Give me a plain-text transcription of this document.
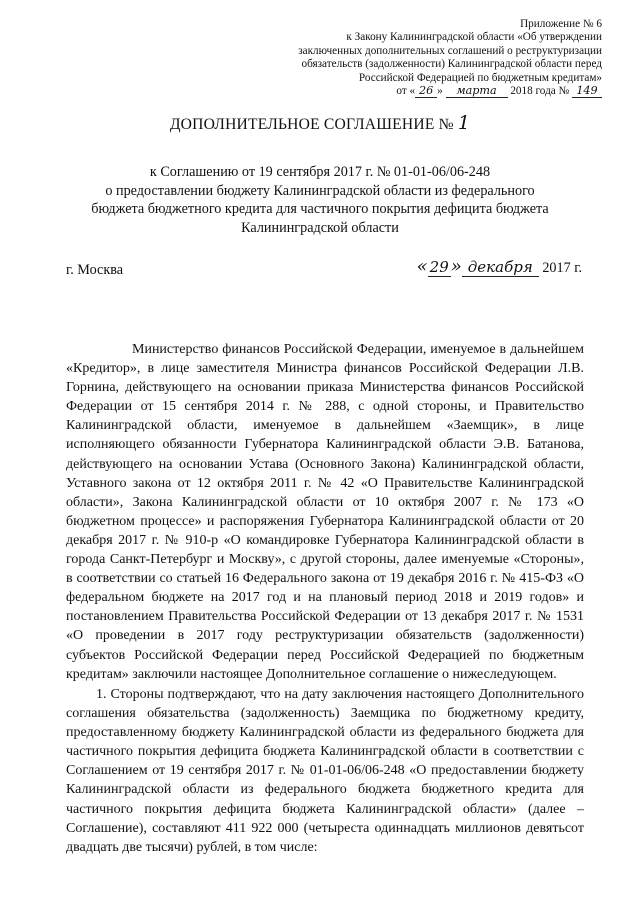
Приложение № 6
к Закону Калининградской области «Об утверждении
заключенных дополнительных соглашений о реструктуризации
обязательств (задолженности) Калининградской области перед
Российской Федерацией по бюджетным кредитам»
от « 26 » марта 2018 года № 149
ДОПОЛНИТЕЛЬНОЕ СОГЛАШЕНИЕ № 1
к Соглашению от 19 сентября 2017 г. № 01-01-06/06-248
о предоставлении бюджету Калининградской области из федерального
бюджета бюджетного кредита для частичного покрытия дефицита бюджета
Калининградской области
г. Москва	« 29 » декабря 2017 г.
Министерство финансов Российской Федерации, именуемое в дальнейшем «Кредитор», в лице заместителя Министра финансов Российской Федерации Л.В. Горнина, действующего на основании приказа Министерства финансов Российской Федерации от 15 сентября 2014 г. № 288, с одной стороны, и Правительство Калининградской области, именуемое в дальнейшем «Заемщик», в лице исполняющего обязанности Губернатора Калининградской области Э.В. Батанова, действующего на основании Устава (Основного Закона) Калининградской области, Уставного закона от 12 октября 2011 г. № 42 «О Правительстве Калининградской области», Закона Калининградской области от 10 октября 2007 г. № 173 «О бюджетном процессе» и распоряжения Губернатора Калининградской области от 20 декабря 2017 г. № 910-р «О командировке Губернатора Калининградской области в города Санкт-Петербург и Москву», с другой стороны, далее именуемые «Стороны», в соответствии со статьей 16 Федерального закона от 19 декабря 2016 г. № 415-ФЗ «О федеральном бюджете на 2017 год и на плановый период 2018 и 2019 годов» и постановлением Правительства Российской Федерации от 13 декабря 2017 г. № 1531 «О проведении в 2017 году реструктуризации обязательств (задолженности) субъектов Российской Федерации перед Российской Федерацией по бюджетным кредитам» заключили настоящее Дополнительное соглашение о нижеследующем.
1. Стороны подтверждают, что на дату заключения настоящего Дополнительного соглашения обязательства (задолженность) Заемщика по бюджетному кредиту, предоставленному бюджету Калининградской области из федерального бюджета для частичного покрытия дефицита бюджета Калининградской области в соответствии с Соглашением от 19 сентября 2017 г. № 01-01-06/06-248 «О предоставлении бюджету Калининградской области из федерального бюджета бюджетного кредита для частичного покрытия дефицита бюджета Калининградской области» (далее – Соглашение), составляют 411 922 000 (четыреста одиннадцать миллионов девятьсот двадцать две тысячи) рублей, в том числе:
